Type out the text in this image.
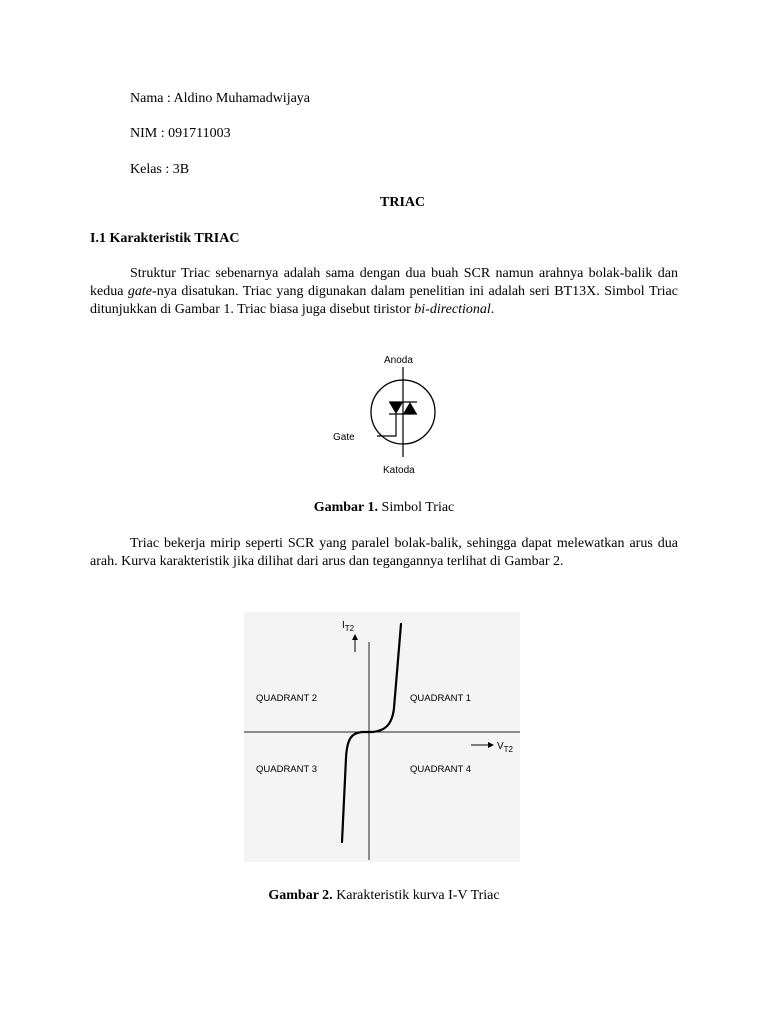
Nama : Aldino Muhamadwijaya
NIM : 091711003
Kelas : 3B
TRIAC
I.1 Karakteristik TRIAC

Struktur Triac sebenarnya adalah sama dengan dua buah SCR namun arahnya bolak-balik dan kedua gate-nya disatukan. Triac yang digunakan dalam penelitian ini adalah seri BT13X. Simbol Triac ditunjukkan di Gambar 1. Triac biasa juga disebut tiristor bi-directional.

Anoda
Gate
Katoda
Gambar 1. Simbol Triac

Triac bekerja mirip seperti SCR yang paralel bolak-balik, sehingga dapat melewatkan arus dua arah. Kurva karakteristik jika dilihat dari arus dan tegangannya terlihat di Gambar 2.

$I_{T2}$
$V_{T2}$
QUADRANT 1
QUADRANT 2
QUADRANT 3	QUADRANT 4
Gambar 2. Karakteristik kurva I-V Triac
